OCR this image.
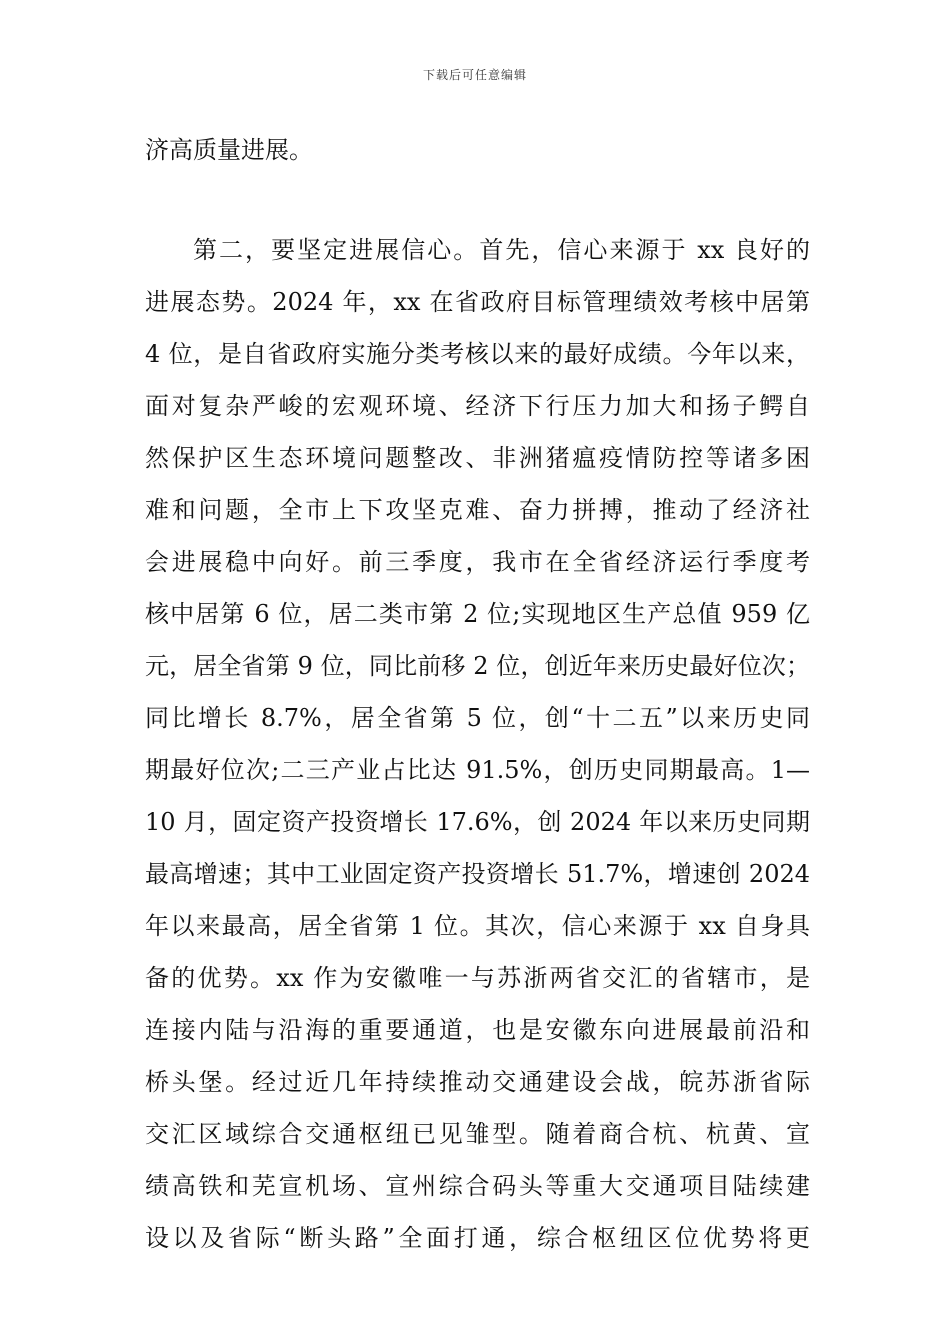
下载后可任意编辑
济高质量进展。
第二，要坚定进展信心。首先，信心来源于 xx 良好的
进展态势。2024 年，xx 在省政府目标管理绩效考核中居第
4 位，是自省政府实施分类考核以来的最好成绩。今年以来，
面对复杂严峻的宏观环境、经济下行压力加大和扬子鳄自
然保护区生态环境问题整改、非洲猪瘟疫情防控等诸多困
难和问题，全市上下攻坚克难、奋力拼搏，推动了经济社
会进展稳中向好。前三季度，我市在全省经济运行季度考
核中居第 6 位，居二类市第 2 位;实现地区生产总值 959 亿
元，居全省第 9 位，同比前移 2 位，创近年来历史最好位次；
同比增长 8.7%，居全省第 5 位，创“十二五”以来历史同
期最好位次;二三产业占比达 91.5%，创历史同期最高。1—
10 月，固定资产投资增长 17.6%，创 2024 年以来历史同期
最高增速；其中工业固定资产投资增长 51.7%，增速创 2024
年以来最高，居全省第 1 位。其次，信心来源于 xx 自身具
备的优势。xx 作为安徽唯一与苏浙两省交汇的省辖市，是
连接内陆与沿海的重要通道，也是安徽东向进展最前沿和
桥头堡。经过近几年持续推动交通建设会战，皖苏浙省际
交汇区域综合交通枢纽已见雏型。随着商合杭、杭黄、宣
绩高铁和芜宣机场、宣州综合码头等重大交通项目陆续建
设以及省际“断头路”全面打通，综合枢纽区位优势将更
